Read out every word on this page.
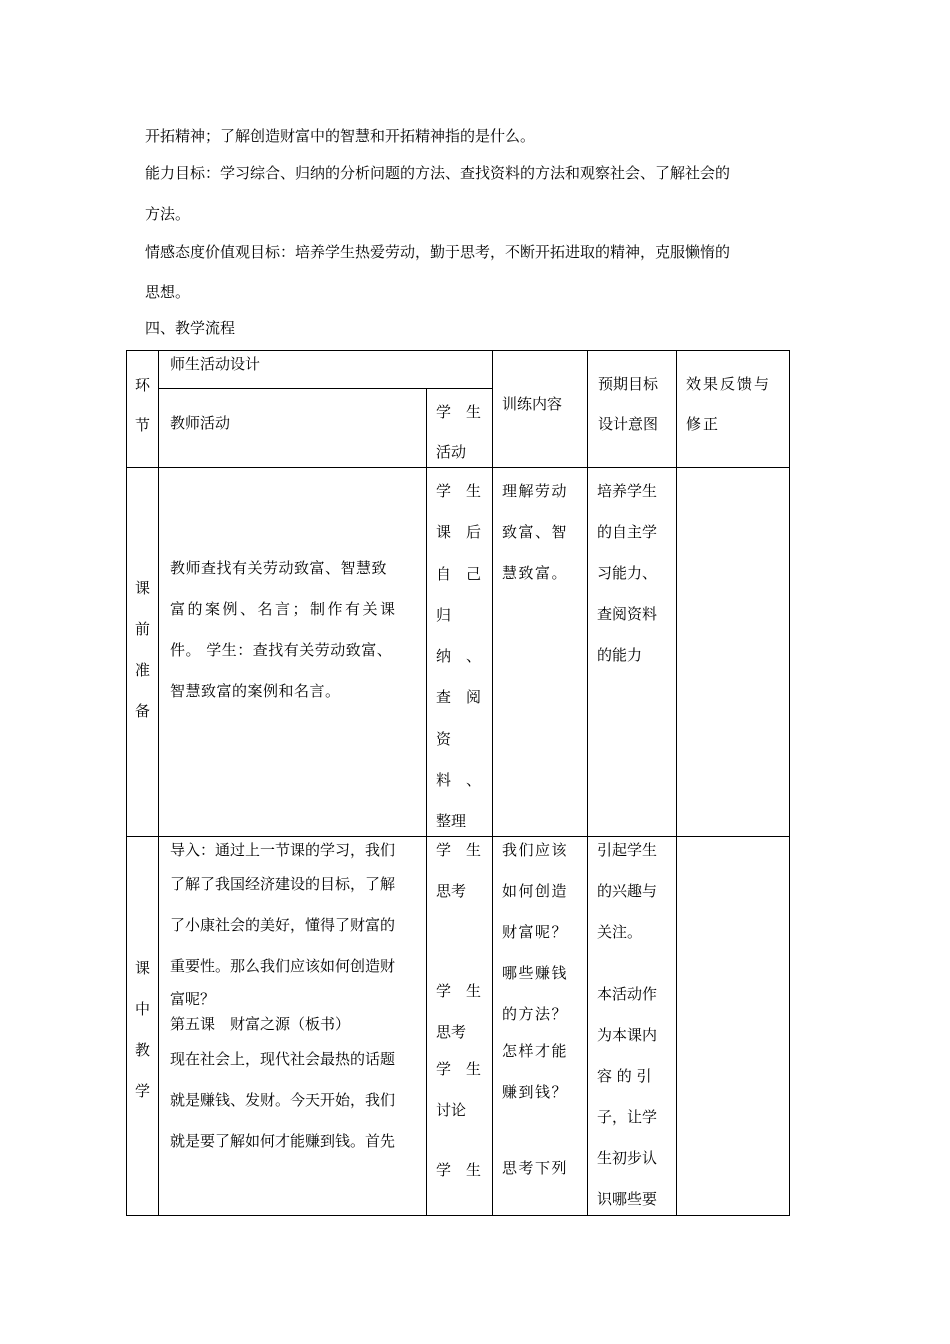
开拓精神；了解创造财富中的智慧和开拓精神指的是什么。

能力目标：学习综合、归纳的分析问题的方法、查找资料的方法和观察社会、了解社会的

方法。

情感态度价值观目标：培养学生热爱劳动，勤于思考，不断开拓进取的精神，克服懒惰的

思想。

四、教学流程

环
节
师生活动设计
教师活动
学　生
活动
训练内容
预期目标
设计意图
效果反馈与
修正
课
前
准
备
教师查找有关劳动致富、智慧致
富的案例、名言；制作有关课
件。 学生：查找有关劳动致富、
智慧致富的案例和名言。
学　生
课　后
自　己
归
纳　、
查　阅
资
料　、
整理
理解劳动
致富、智
慧致富。
培养学生
的自主学
习能力、
查阅资料
的能力
课
中
教
学
导入：通过上一节课的学习，我们
了解了我国经济建设的目标，了解
了小康社会的美好，懂得了财富的
重要性。那么我们应该如何创造财
富呢？
第五课　财富之源（板书）
现在社会上，现代社会最热的话题
就是赚钱、发财。今天开始，我们
就是要了解如何才能赚到钱。首先
学　生
思考
学　生
思考
学　生
讨论
学　生
我们应该
如何创造
财富呢？
哪些赚钱
的方法？
怎样才能
赚到钱？
思考下列
引起学生
的兴趣与
关注。
本活动作
为本课内
容 的 引
子，让学
生初步认
识哪些要
